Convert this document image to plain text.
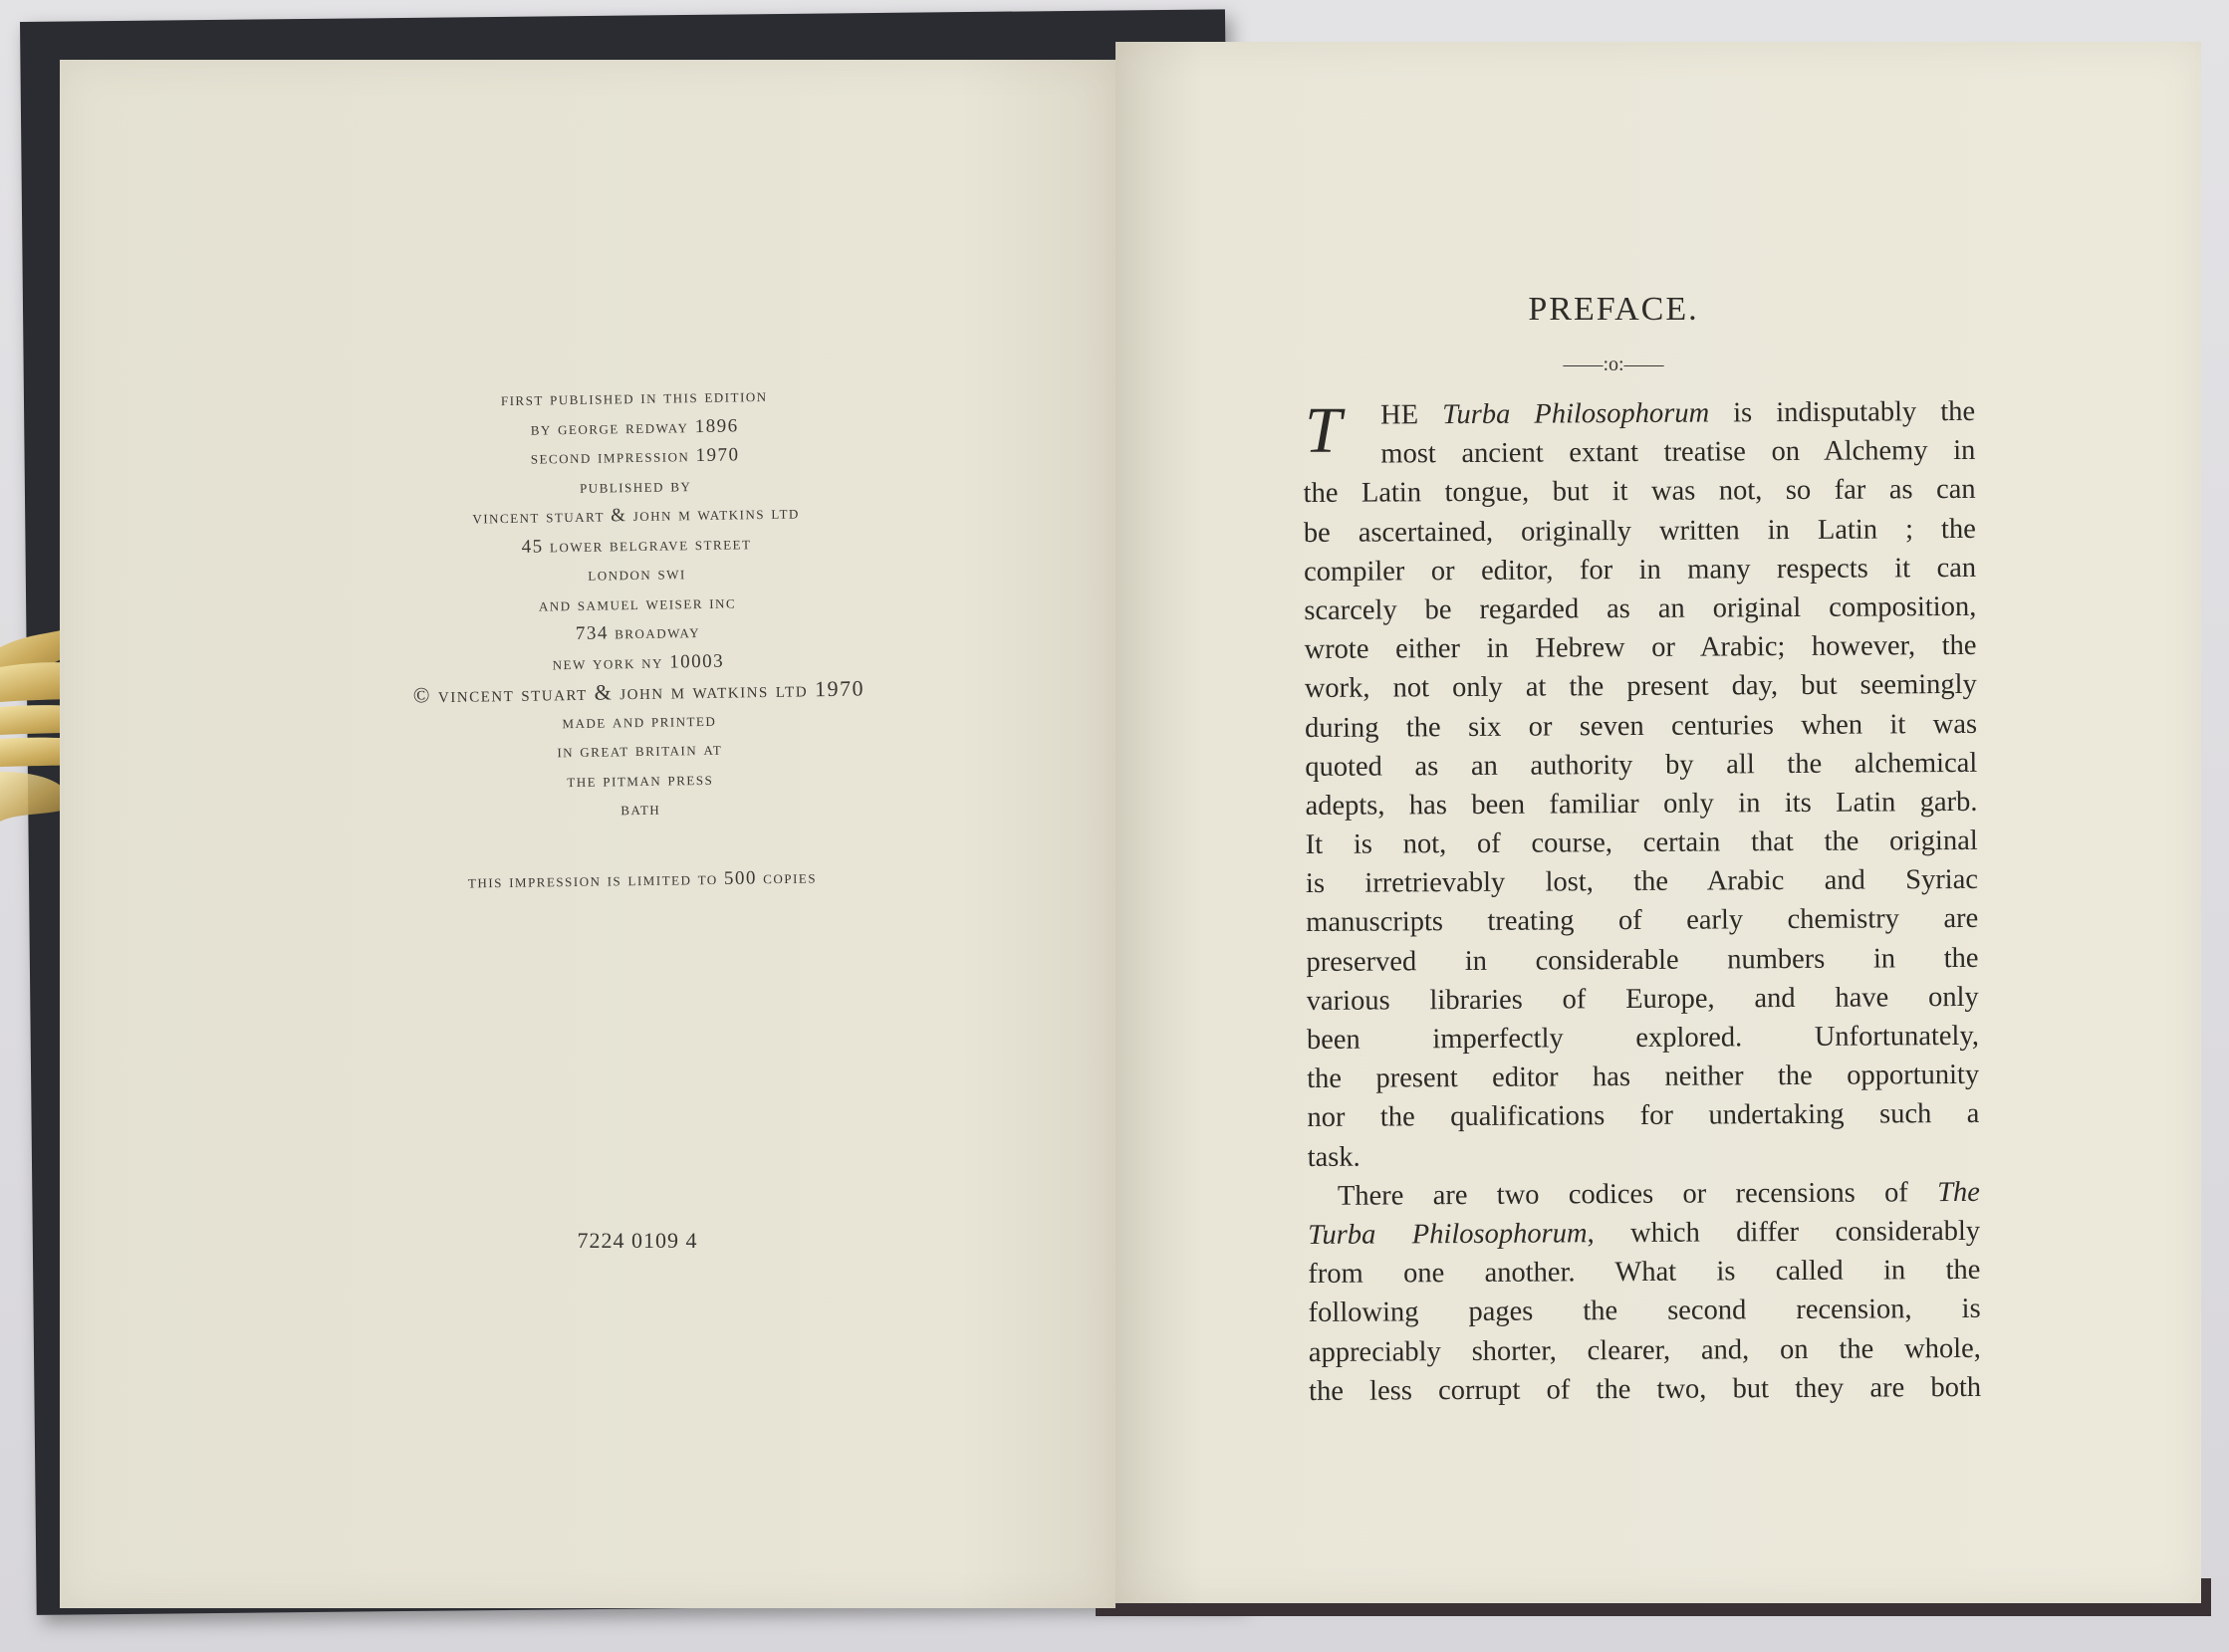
first published in this edition
by george redway 1896
second impression 1970
published by
vincent stuart & john m watkins ltd
45 lower belgrave street
london swi
and samuel weiser inc
734 broadway
new york ny 10003
© vincent stuart & john m watkins ltd 1970
made and printed
in great britain at
the pitman press
bath
this impression is limited to 500 copies
7224 0109 4
PREFACE.
——:o:——
T	HE Turba Philosophorum is indisputably the
most ancient extant treatise on Alchemy in
the Latin tongue, but it was not, so far as can
be ascertained, originally written in Latin ; the
compiler or editor, for in many respects it can
scarcely be regarded as an original composition,
wrote either in Hebrew or Arabic; however, the
work, not only at the present day, but seemingly
during the six or seven centuries when it was
quoted as an authority by all the alchemical
adepts, has been familiar only in its Latin garb.
It is not, of course, certain that the original
is irretrievably lost, the Arabic and Syriac
manuscripts treating of early chemistry are
preserved in considerable numbers in the
various libraries of Europe, and have only
been imperfectly explored. Unfortunately,
the present editor has neither the opportunity
nor the qualifications for undertaking such a
task.
There are two codices or recensions of The
Turba Philosophorum, which differ considerably
from one another. What is called in the
following pages the second recension, is
appreciably shorter, clearer, and, on the whole,
the less corrupt of the two, but they are both
